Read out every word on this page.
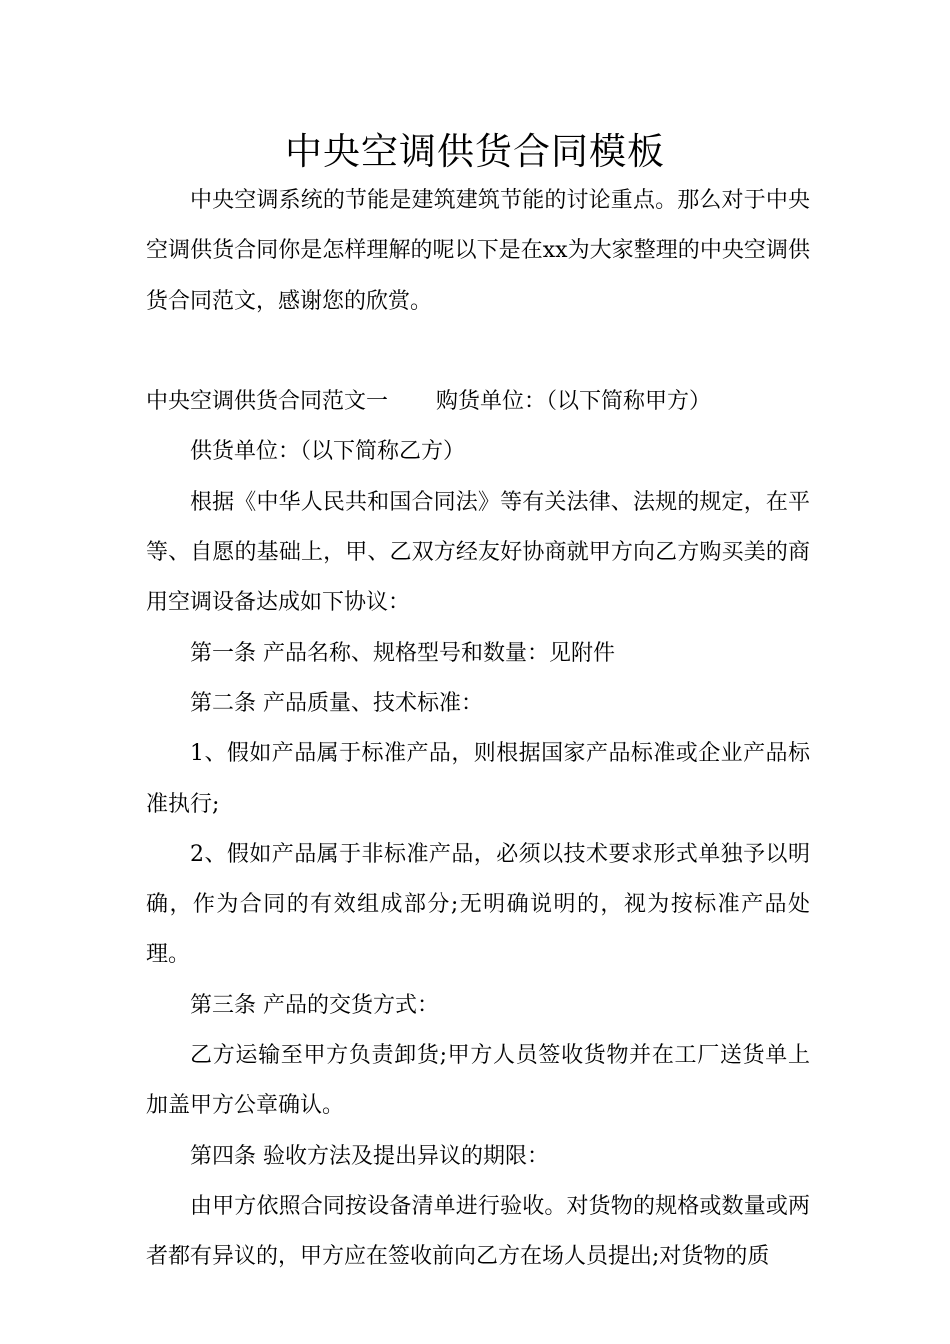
中央空调供货合同模板

中央空调系统的节能是建筑建筑节能的讨论重点。那么对于中央空调供货合同你是怎样理解的呢以下是在xx为大家整理的中央空调供货合同范文，感谢您的欣赏。

中央空调供货合同范文一 购货单位：（以下简称甲方）

供货单位：（以下简称乙方）

根据《中华人民共和国合同法》等有关法律、法规的规定，在平等、自愿的基础上，甲、乙双方经友好协商就甲方向乙方购买美的商用空调设备达成如下协议：

第一条 产品名称、规格型号和数量：见附件

第二条 产品质量、技术标准：

1、假如产品属于标准产品，则根据国家产品标准或企业产品标准执行;

2、假如产品属于非标准产品，必须以技术要求形式单独予以明确，作为合同的有效组成部分;无明确说明的，视为按标准产品处理。

第三条 产品的交货方式：

乙方运输至甲方负责卸货;甲方人员签收货物并在工厂送货单上加盖甲方公章确认。

第四条 验收方法及提出异议的期限：

由甲方依照合同按设备清单进行验收。对货物的规格或数量或两者都有异议的，甲方应在签收前向乙方在场人员提出;对货物的质
